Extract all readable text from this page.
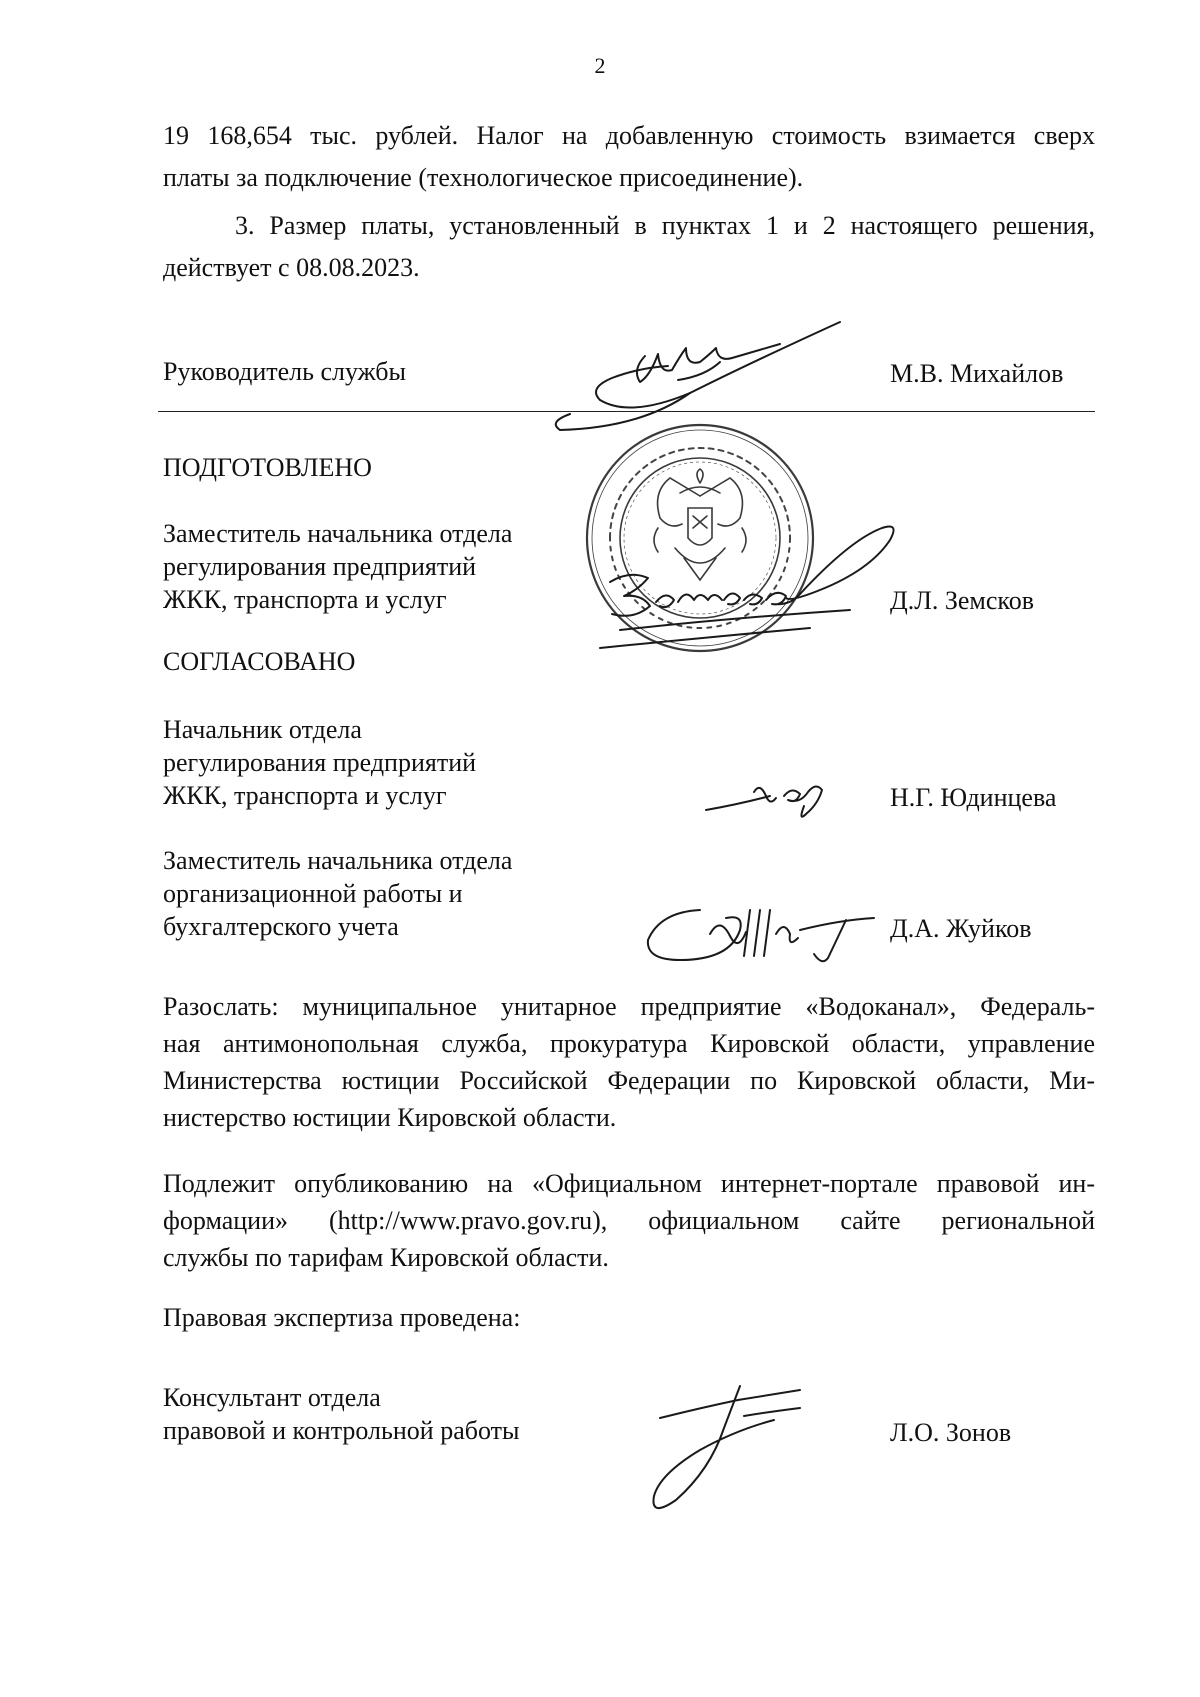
2
19 168,654 тыс. рублей. Налог на добавленную стоимость взимается сверх
платы за подключение (технологическое присоединение).
3. Размер платы, установленный в пунктах 1 и 2 настоящего решения,
действует с 08.08.2023.
Руководитель службы	М.В. Михайлов
ПОДГОТОВЛЕНО
Заместитель начальника отдела
регулирования предприятий
ЖКК, транспорта и услуг	Д.Л. Земсков
СОГЛАСОВАНО
Начальник отдела
регулирования предприятий
ЖКК, транспорта и услуг	Н.Г. Юдинцева
Заместитель начальника отдела
организационной работы и
бухгалтерского учета	Д.А. Жуйков
Разослать: муниципальное унитарное предприятие «Водоканал», Федераль-
ная антимонопольная служба, прокуратура Кировской области, управление
Министерства юстиции Российской Федерации по Кировской области, Ми-
нистерство юстиции Кировской области.
Подлежит опубликованию на «Официальном интернет-портале правовой ин-
формации» (http://www.pravo.gov.ru), официальном сайте региональной
службы по тарифам Кировской области.
Правовая экспертиза проведена:
Консультант отдела
правовой и контрольной работы	Л.О. Зонов
